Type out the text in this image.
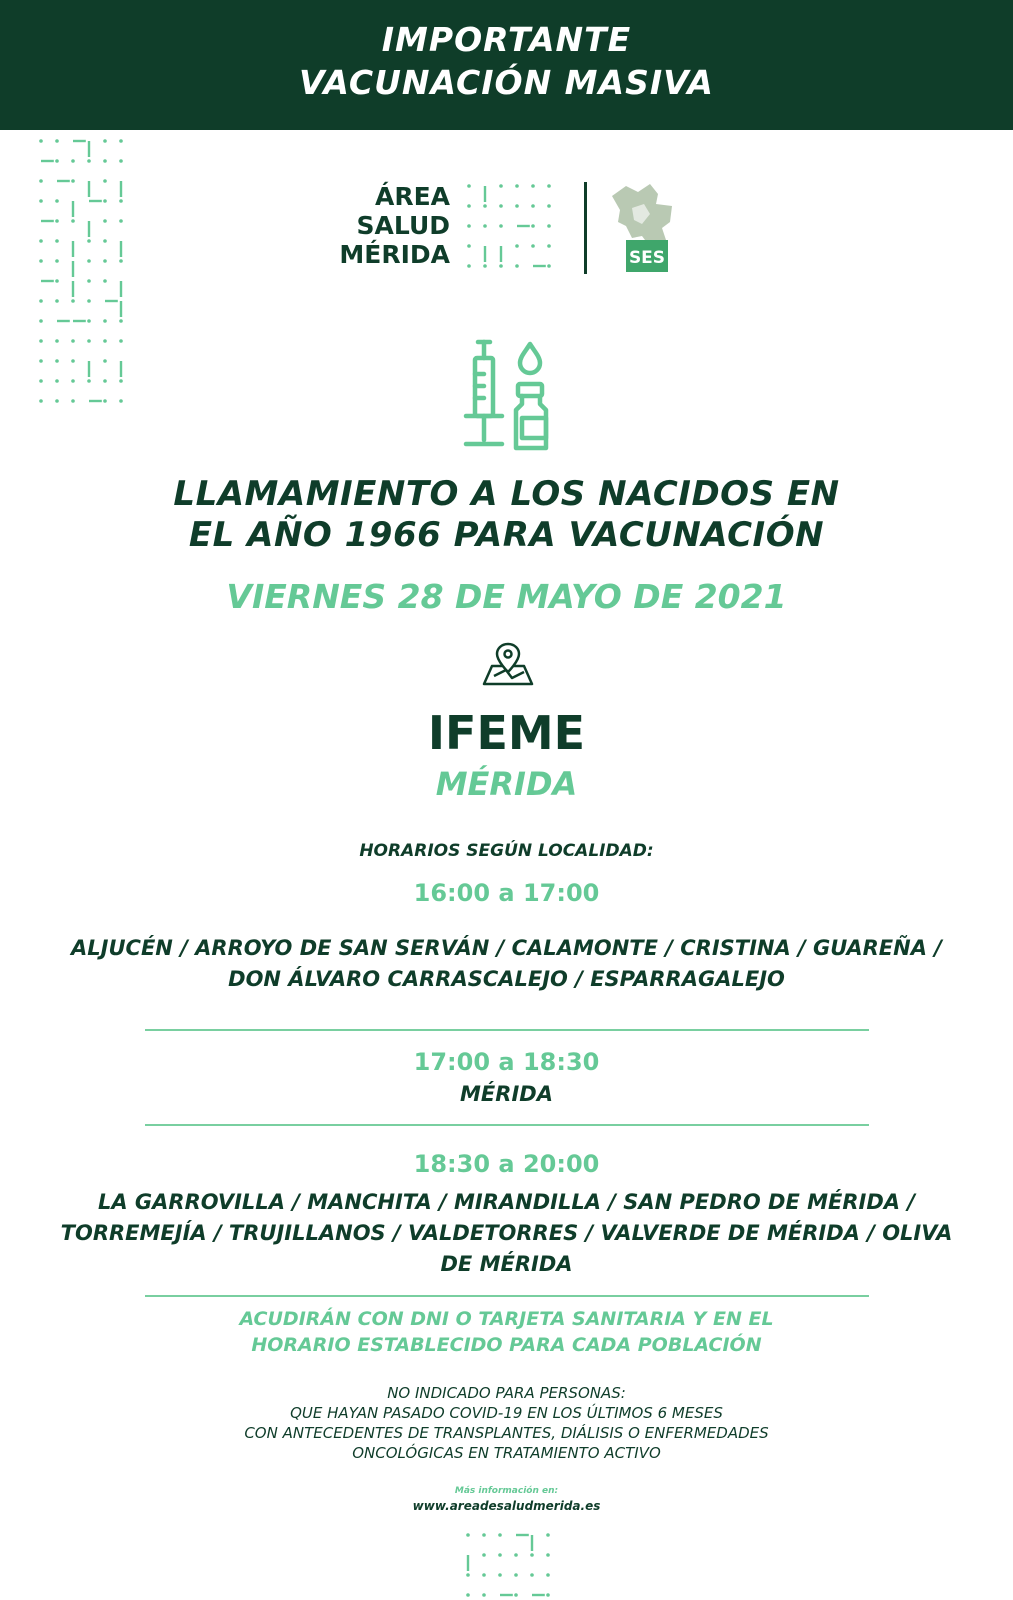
IMPORTANTE
VACUNACIÓN MASIVA
ÁREA
SALUD
MÉRIDA	SES
LLAMAMIENTO A LOS NACIDOS EN
EL AÑO 1966 PARA VACUNACIÓN
VIERNES 28 DE MAYO DE 2021
IFEME
MÉRIDA
HORARIOS SEGÚN LOCALIDAD:
16:00 a 17:00
ALJUCÉN / ARROYO DE SAN SERVÁN / CALAMONTE / CRISTINA / GUAREÑA /
DON ÁLVARO CARRASCALEJO / ESPARRAGALEJO
17:00 a 18:30
MÉRIDA
18:30 a 20:00
LA GARROVILLA / MANCHITA / MIRANDILLA / SAN PEDRO DE MÉRIDA /
TORREMEJÍA / TRUJILLANOS / VALDETORRES / VALVERDE DE MÉRIDA / OLIVA
DE MÉRIDA
ACUDIRÁN CON DNI O TARJETA SANITARIA Y EN EL
HORARIO ESTABLECIDO PARA CADA POBLACIÓN
NO INDICADO PARA PERSONAS:
QUE HAYAN PASADO COVID-19 EN LOS ÚLTIMOS 6 MESES
CON ANTECEDENTES DE TRANSPLANTES, DIÁLISIS O ENFERMEDADES
ONCOLÓGICAS EN TRATAMIENTO ACTIVO
Más información en:
www.areadesaludmerida.es
